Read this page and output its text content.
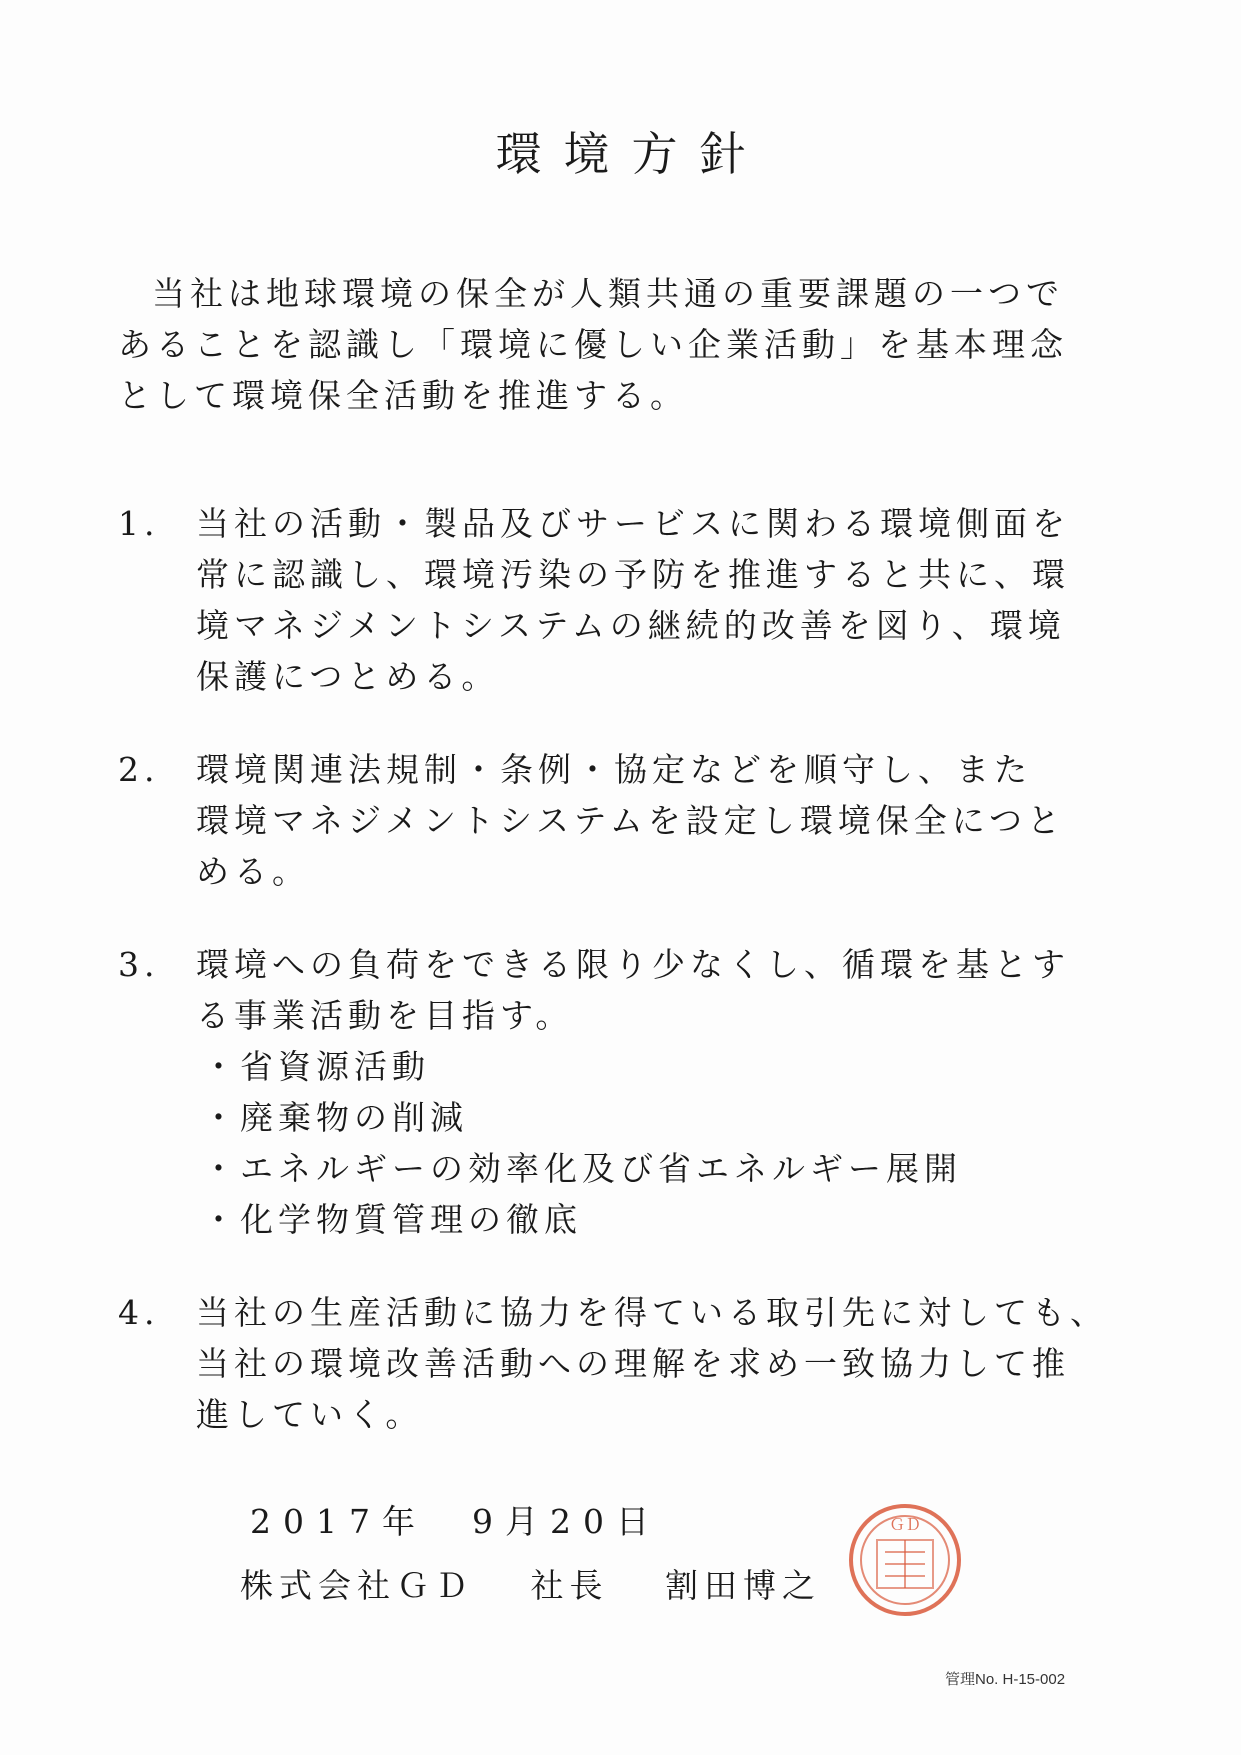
環境方針

当社は地球環境の保全が人類共通の重要課題の一つで

あることを認識し「環境に優しい企業活動」を基本理念

として環境保全活動を推進する。

1.	当社の活動・製品及びサービスに関わる環境側面を

常に認識し、環境汚染の予防を推進すると共に、環

境マネジメントシステムの継続的改善を図り、環境

保護につとめる。

2.	環境関連法規制・条例・協定などを順守し、また

環境マネジメントシステムを設定し環境保全につと

める。

3.	環境への負荷をできる限り少なくし、循環を基とす

る事業活動を目指す。

・ 省資源活動
・ 廃棄物の削減
・ エネルギーの効率化及び省エネルギー展開
・ 化学物質管理の徹底
4.	当社の生産活動に協力を得ている取引先に対しても、

当社の環境改善活動への理解を求め一致協力して推

進していく。

2017年　9月20日
株式会社ＧＤ 社長 割田博之
ＧＤ
管理No. H-15-002
